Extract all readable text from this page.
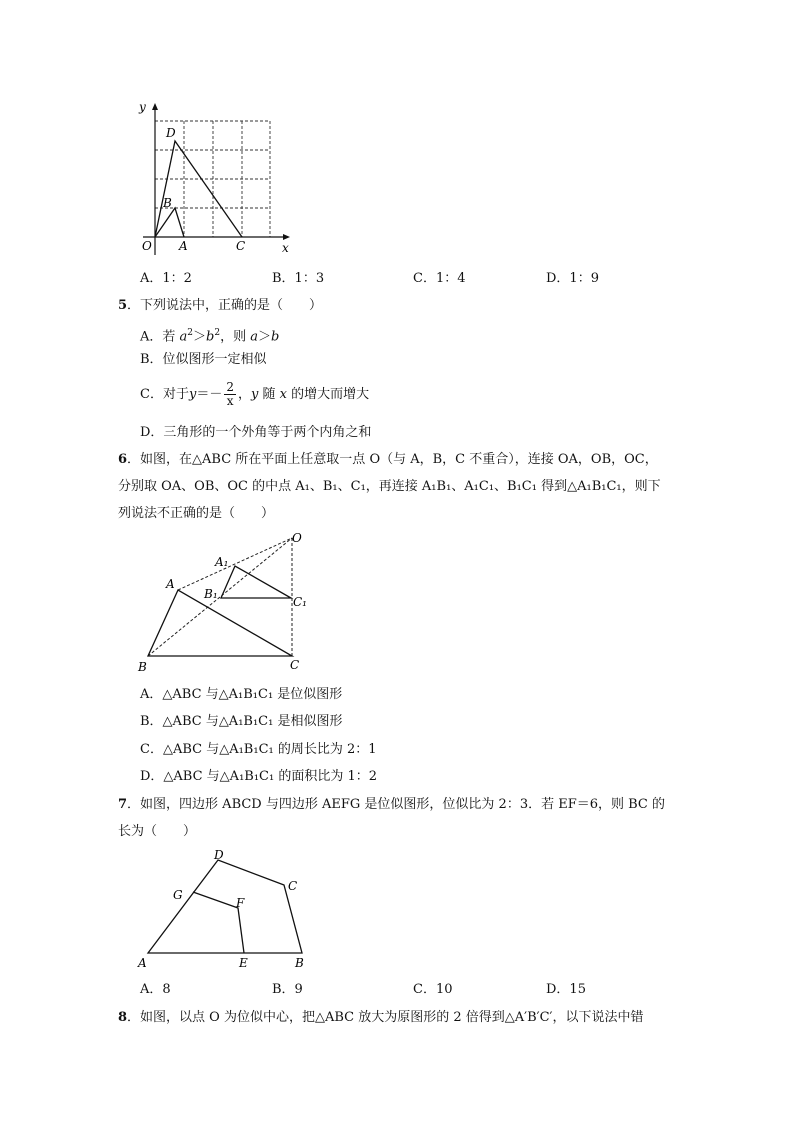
y
x
O A
B
C
D
A．1：2	B．1：3	C．1：4	D．1：9
5．下列说法中，正确的是（　　）
A．若 $a^2>b^2$，则 a＞b
B．位似图形一定相似
C．对于$y=- \frac{2}{x}$ ，y 随 x 的增大而增大
D．三角形的一个外角等于两个内角之和
6．如图，在△ABC 所在平面上任意取一点 O（与 A，B，C 不重合），连接 OA，OB，OC，
分别取 OA、OB、OC 的中点 A₁、B₁、C₁，再连接 A₁B₁、A₁C₁、B₁C₁ 得到△A₁B₁C₁，则下
列说法不正确的是（　　）
O
A₁
B₁
C₁
A
B	C
A．△ABC 与△A₁B₁C₁ 是位似图形
B．△ABC 与△A₁B₁C₁ 是相似图形
C．△ABC 与△A₁B₁C₁ 的周长比为 2：1
D．△ABC 与△A₁B₁C₁ 的面积比为 1：2
7．如图，四边形 ABCD 与四边形 AEFG 是位似图形，位似比为 2：3．若 EF＝6，则 BC 的
长为（　　）
A	B
C
D
E
F
G
A．8	B．9	C．10	D．15
8．如图，以点 O 为位似中心，把△ABC 放大为原图形的 2 倍得到△A′B′C′，以下说法中错
